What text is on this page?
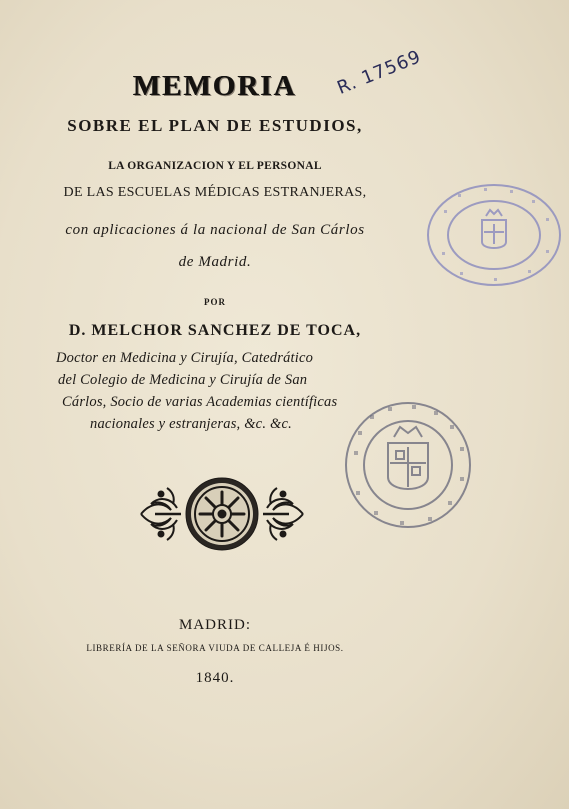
MEMORIA
SOBRE EL PLAN DE ESTUDIOS,
LA ORGANIZACION Y EL PERSONAL
DE LAS ESCUELAS MÉDICAS ESTRANJERAS,
con aplicaciones á la nacional de San Cárlos
de Madrid.
POR
D. MELCHOR SANCHEZ DE TOCA,
Doctor en Medicina y Cirujía, Catedrático
del Colegio de Medicina y Cirujía de San
Cárlos, Socio de varias Academias científicas
nacionales y estranjeras, &c. &c.
MADRID:
LIBRERÍA DE LA SEÑORA VIUDA DE CALLEJA É HIJOS.
1840.
R. 17569
